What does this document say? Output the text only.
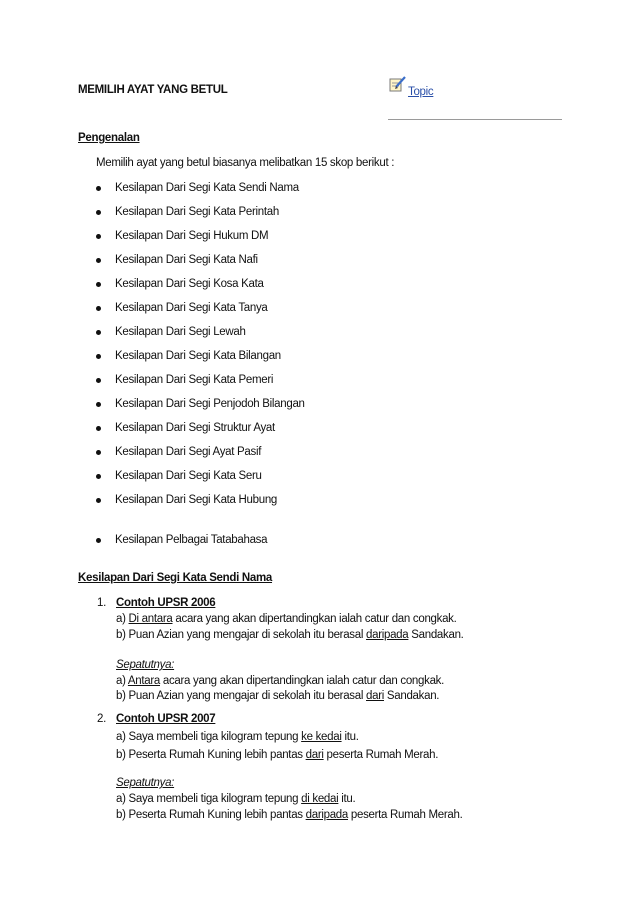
MEMILIH AYAT YANG BETUL	Topic
Pengenalan
Memilih ayat yang betul biasanya melibatkan 15 skop berikut :
Kesilapan Dari Segi Kata Sendi Nama
Kesilapan Dari Segi Kata Perintah
Kesilapan Dari Segi Hukum DM
Kesilapan Dari Segi Kata Nafi
Kesilapan Dari Segi Kosa Kata
Kesilapan Dari Segi Kata Tanya
Kesilapan Dari Segi Lewah
Kesilapan Dari Segi Kata Bilangan
Kesilapan Dari Segi Kata Pemeri
Kesilapan Dari Segi Penjodoh Bilangan
Kesilapan Dari Segi Struktur Ayat
Kesilapan Dari Segi Ayat Pasif
Kesilapan Dari Segi Kata Seru
Kesilapan Dari Segi Kata Hubung
Kesilapan Pelbagai Tatabahasa
Kesilapan Dari Segi Kata Sendi Nama
1. Contoh UPSR 2006
a) Di antara acara yang akan dipertandingkan ialah catur dan congkak.
b) Puan Azian yang mengajar di sekolah itu berasal daripada Sandakan.
Sepatutnya:
a) Antara acara yang akan dipertandingkan ialah catur dan congkak.
b) Puan Azian yang mengajar di sekolah itu berasal dari Sandakan.
2. Contoh UPSR 2007
a) Saya membeli tiga kilogram tepung ke kedai itu.
b) Peserta Rumah Kuning lebih pantas dari peserta Rumah Merah.
Sepatutnya:
a) Saya membeli tiga kilogram tepung di kedai itu.
b) Peserta Rumah Kuning lebih pantas daripada peserta Rumah Merah.
